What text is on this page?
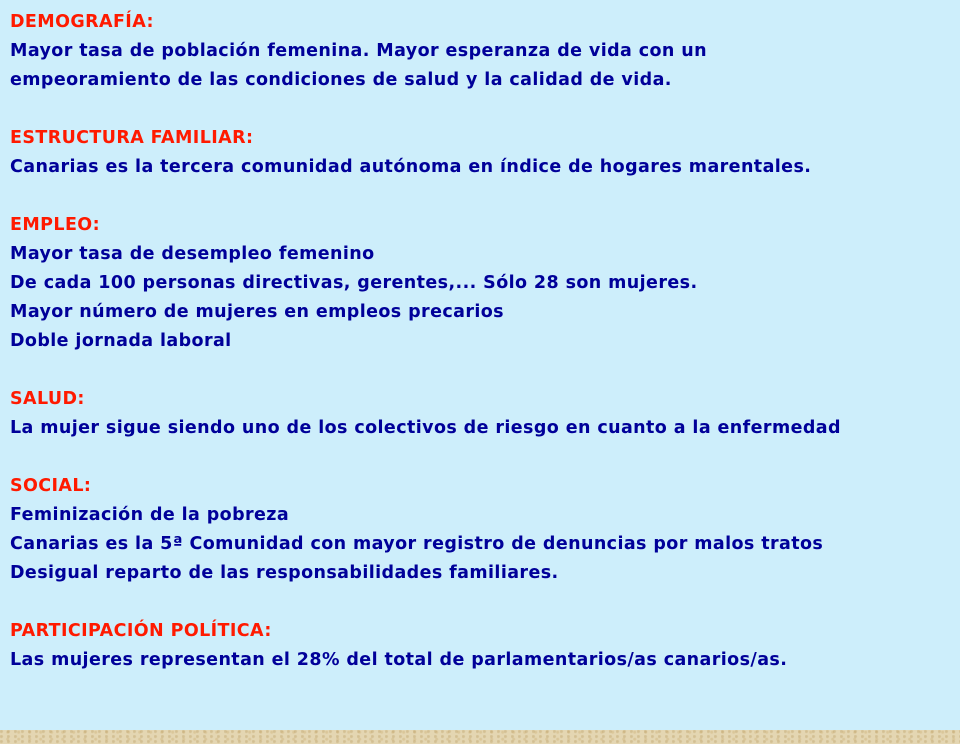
DEMOGRAFÍA:
Mayor tasa de población femenina. Mayor esperanza de vida con un
empeoramiento de las condiciones de salud y la calidad de vida.
ESTRUCTURA FAMILIAR:
Canarias es la tercera comunidad autónoma en índice de hogares marentales.
EMPLEO:
Mayor tasa de desempleo femenino
De cada 100 personas directivas, gerentes,... Sólo 28 son mujeres.
Mayor número de mujeres en empleos precarios
Doble jornada laboral
SALUD:
La mujer sigue siendo uno de los colectivos de riesgo en cuanto a la enfermedad
SOCIAL:
Feminización de la pobreza
Canarias es la 5ª Comunidad con mayor registro de denuncias por malos tratos
Desigual reparto de las responsabilidades familiares.
PARTICIPACIÓN POLÍTICA:
Las mujeres representan el 28% del total de parlamentarios/as canarios/as.
